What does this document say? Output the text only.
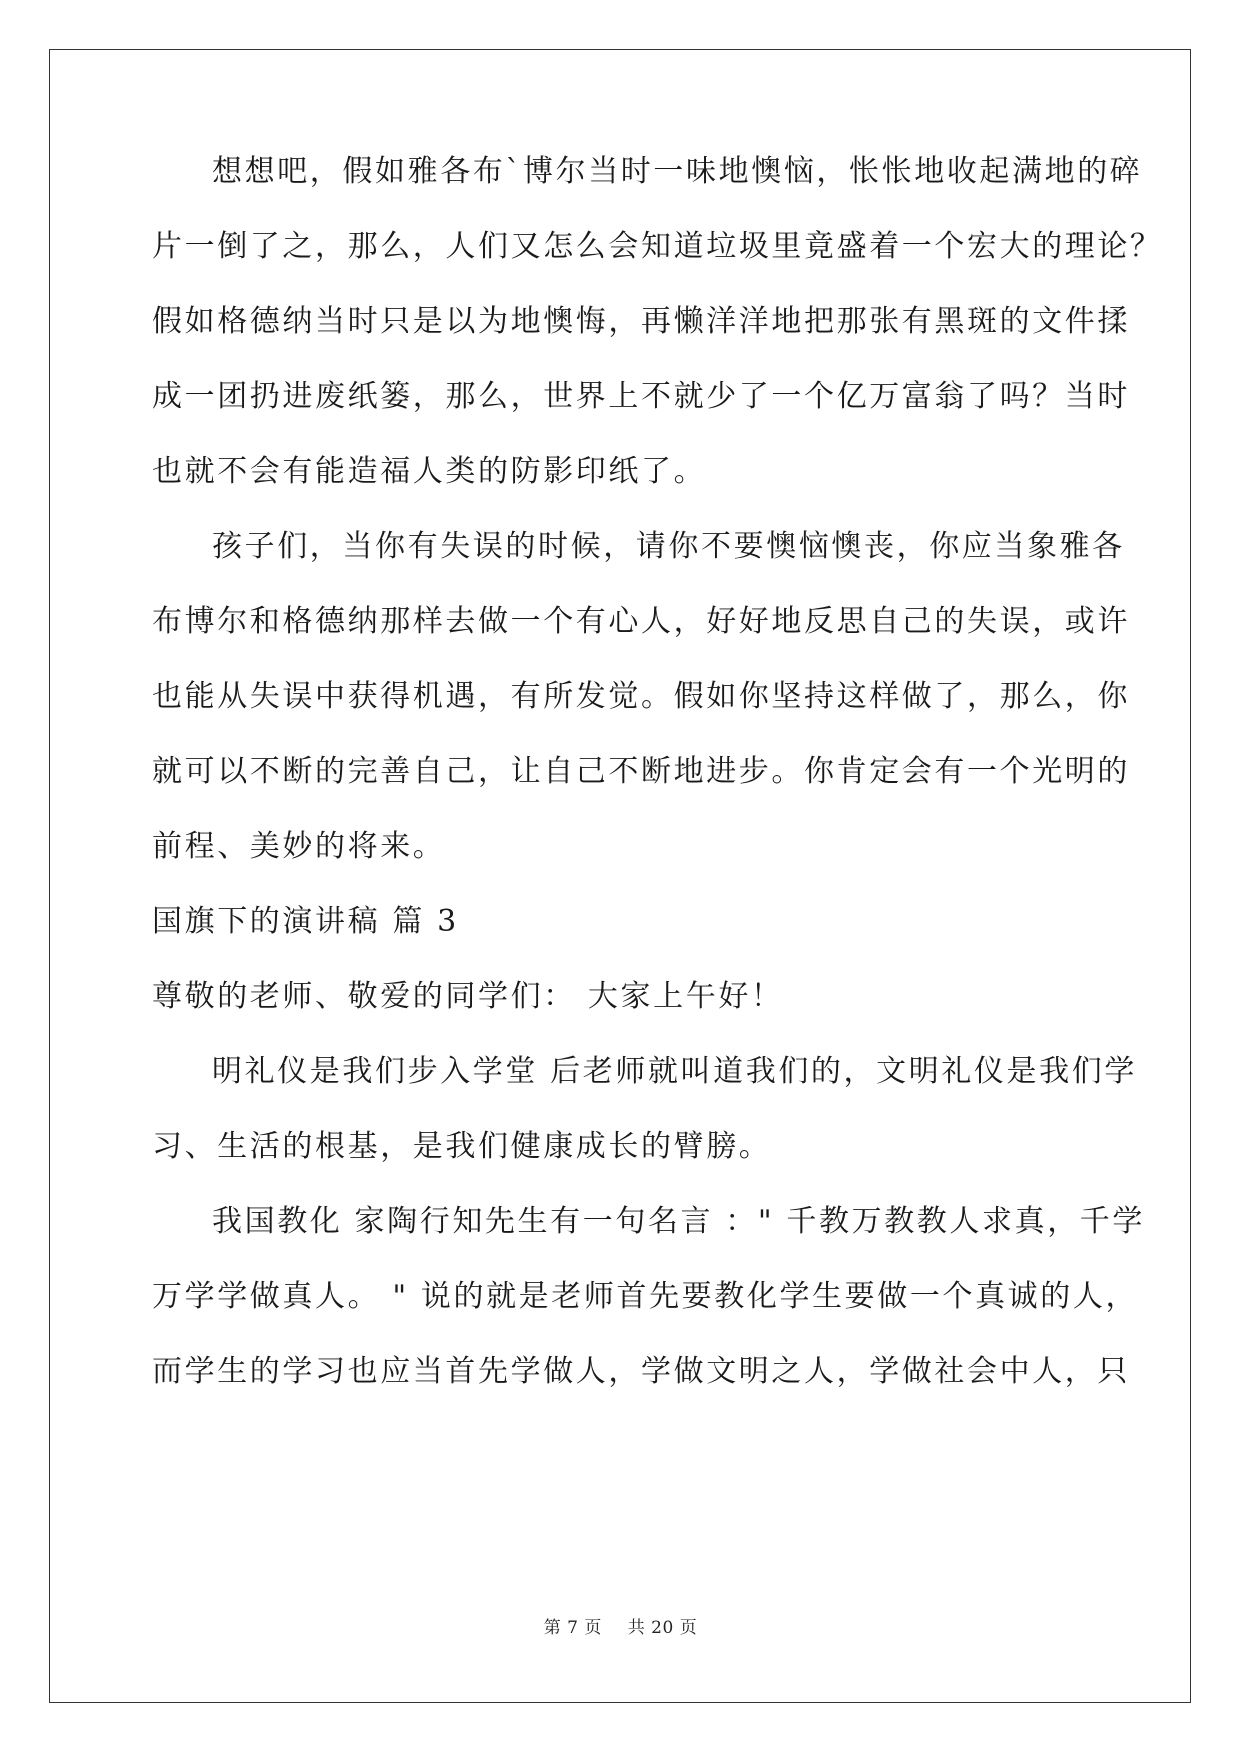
想想吧，假如雅各布`博尔当时一味地懊恼，怅怅地收起满地的碎
片一倒了之，那么，人们又怎么会知道垃圾里竟盛着一个宏大的理论？
假如格德纳当时只是以为地懊悔，再懒洋洋地把那张有黑斑的文件揉
成一团扔进废纸篓，那么，世界上不就少了一个亿万富翁了吗？当时
也就不会有能造福人类的防影印纸了。
孩子们，当你有失误的时候，请你不要懊恼懊丧，你应当象雅各
布博尔和格德纳那样去做一个有心人，好好地反思自己的失误，或许
也能从失误中获得机遇，有所发觉。假如你坚持这样做了，那么，你
就可以不断的完善自己，让自己不断地进步。你肯定会有一个光明的
前程、美妙的将来。
国旗下的演讲稿 篇 3
尊敬的老师、敬爱的同学们： 大家上午好！
明礼仪是我们步入学堂 后老师就叫道我们的，文明礼仪是我们学
习、生活的根基，是我们健康成长的臂膀。
我国教化 家陶行知先生有一句名言 ：" 千教万教教人求真，千学
万学学做真人。 " 说的就是老师首先要教化学生要做一个真诚的人，
而学生的学习也应当首先学做人，学做文明之人，学做社会中人，只
第 7 页 共 20 页
